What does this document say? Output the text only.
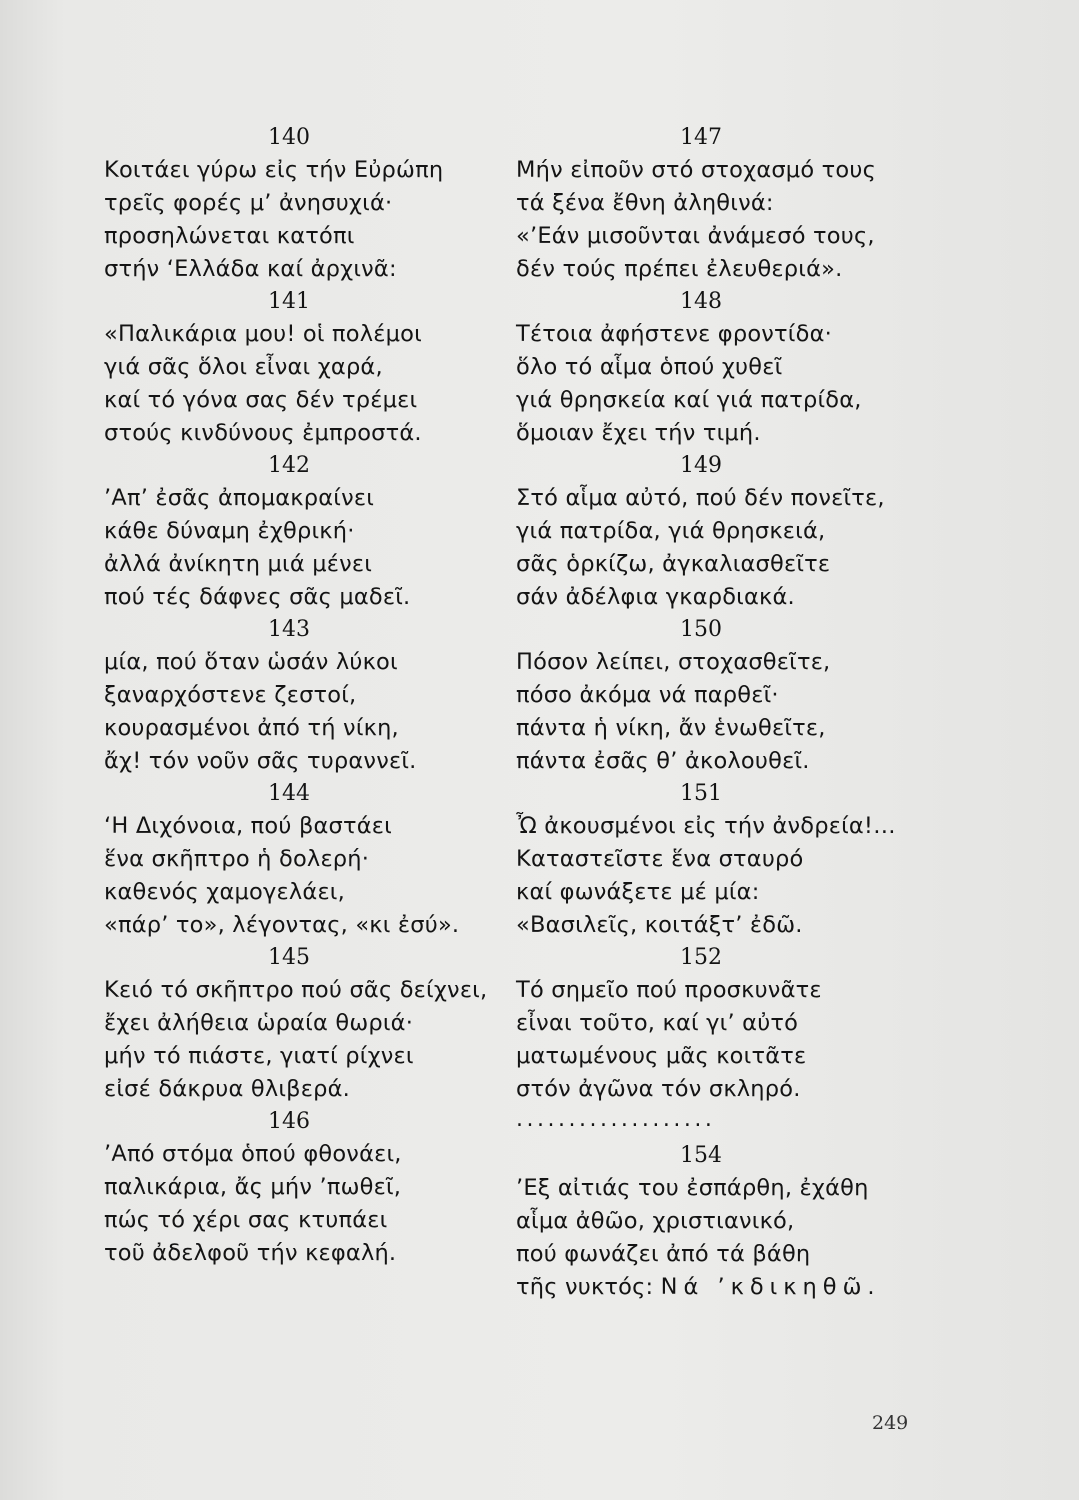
140
Κοιτάει γύρω εἰς τήν Εὐρώπη
τρεῖς φορές μ’ ἀνησυχιά·
προσηλώνεται κατόπι
στήν ‘Ελλάδα καί ἀρχινᾶ:
141
«Παλικάρια μου! οἱ πολέμοι
γιά σᾶς ὅλοι εἶναι χαρά,
καί τό γόνα σας δέν τρέμει
στούς κινδύνους ἐμπροστά.
142
’Απ’ ἐσᾶς ἀπομακραίνει
κάθε δύναμη ἐχθρική·
ἀλλά ἀνίκητη μιά μένει
πού τές δάφνες σᾶς μαδεῖ.
143
μία, πού ὅταν ὡσάν λύκοι
ξαναρχόστενε ζεστοί,
κουρασμένοι ἀπό τή νίκη,
ἄχ! τόν νοῦν σᾶς τυραννεῖ.
144
‘Η Διχόνοια, πού βαστάει
ἕνα σκῆπτρο ἡ δολερή·
καθενός χαμογελάει,
«πάρ’ το», λέγοντας, «κι ἐσύ».
145
Κειό τό σκῆπτρο πού σᾶς δείχνει,
ἔχει ἀλήθεια ὡραία θωριά·
μήν τό πιάστε, γιατί ρίχνει
εἰσέ δάκρυα θλιβερά.
146
’Από στόμα ὁπού φθονάει,
παλικάρια, ἄς μήν ’πωθεῖ,
πώς τό χέρι σας κτυπάει
τοῦ ἀδελφοῦ τήν κεφαλή.
147
Μήν εἰποῦν στό στοχασμό τους
τά ξένα ἔθνη ἀληθινά:
«’Εάν μισοῦνται ἀνάμεσό τους,
δέν τούς πρέπει ἐλευθεριά».
148
Τέτοια ἀφήστενε φροντίδα·
ὅλο τό αἷμα ὁπού χυθεῖ
γιά θρησκεία καί γιά πατρίδα,
ὅμοιαν ἔχει τήν τιμή.
149
Στό αἷμα αὐτό, πού δέν πονεῖτε,
γιά πατρίδα, γιά θρησκειά,
σᾶς ὁρκίζω, ἀγκαλιασθεῖτε
σάν ἀδέλφια γκαρδιακά.
150
Πόσον λείπει, στοχασθεῖτε,
πόσο ἀκόμα νά παρθεῖ·
πάντα ἡ νίκη, ἄν ἑνωθεῖτε,
πάντα ἐσᾶς θ’ ἀκολουθεῖ.
151
Ὦ ἀκουσμένοι εἰς τήν ἀνδρεία!…
Καταστεῖστε ἕνα σταυρό
καί φωνάξετε μέ μία:
«Βασιλεῖς, κοιτάξτ’ ἐδῶ.
152
Τό σημεῖο πού προσκυνᾶτε
εἶναι τοῦτο, καί γι’ αὐτό
ματωμένους μᾶς κοιτᾶτε
στόν ἀγῶνα τόν σκληρό.
...................
154
’Εξ αἰτιάς του ἐσπάρθη, ἐχάθη
αἷμα ἀθῶο, χριστιανικό,
πού φωνάζει ἀπό τά βάθη
τῆς νυκτός: Νά ’κδικηθῶ.
249
